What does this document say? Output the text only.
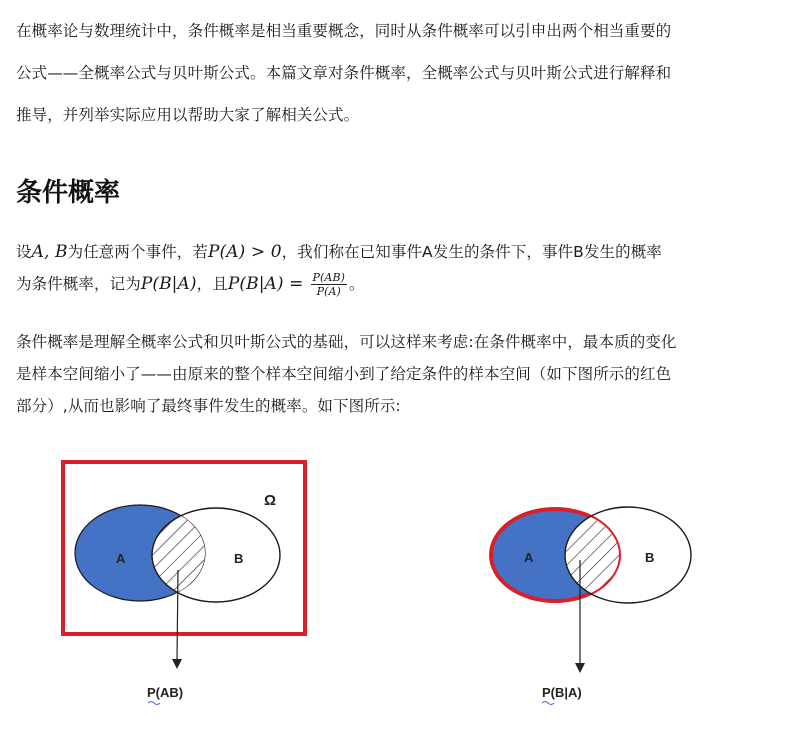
在概率论与数理统计中，条件概率是相当重要概念，同时从条件概率可以引申出两个相当重要的
公式——全概率公式与贝叶斯公式。本篇文章对条件概率，全概率公式与贝叶斯公式进行解释和
推导，并列举实际应用以帮助大家了解相关公式。
条件概率
设A, B为任意两个事件，若P(A) > 0，我们称在已知事件A发生的条件下，事件B发生的概率
为条件概率，记为P(B|A)，且$P(B|A) = \frac{P(AB)}{P(A)}$ 。
条件概率是理解全概率公式和贝叶斯公式的基础，可以这样来考虑:在条件概率中，最本质的变化
是样本空间缩小了——由原来的整个样本空间缩小到了给定条件的样本空间（如下图所示的红色
部分）,从而也影响了最终事件发生的概率。如下图所示:
A	B
Ω
P(AB)
A	B
P(B|A)
